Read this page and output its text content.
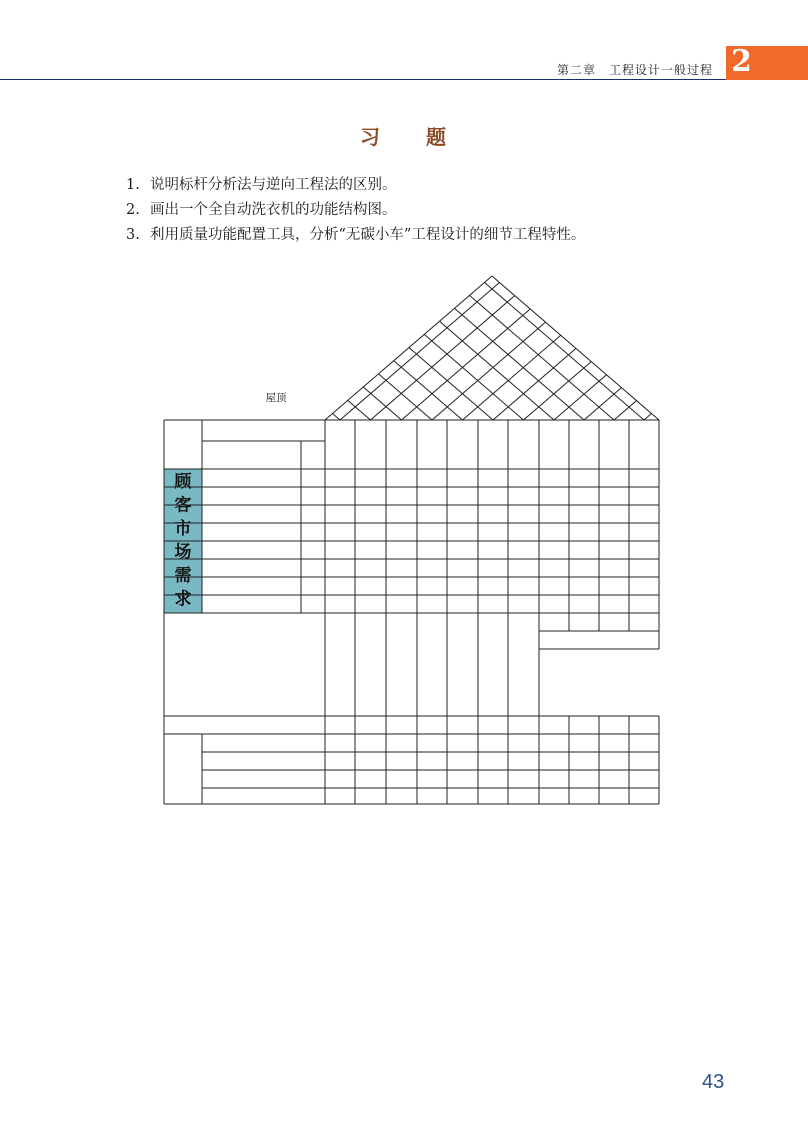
第二章　工程设计一般过程 2
习 题
1. 说明标杆分析法与逆向工程法的区别。
2. 画出一个全自动洗衣机的功能结构图。
3. 利用质量功能配置工具，分析“无碳小车”工程设计的细节工程特性。
屋顶
顾
客
市
场
需
求
43
